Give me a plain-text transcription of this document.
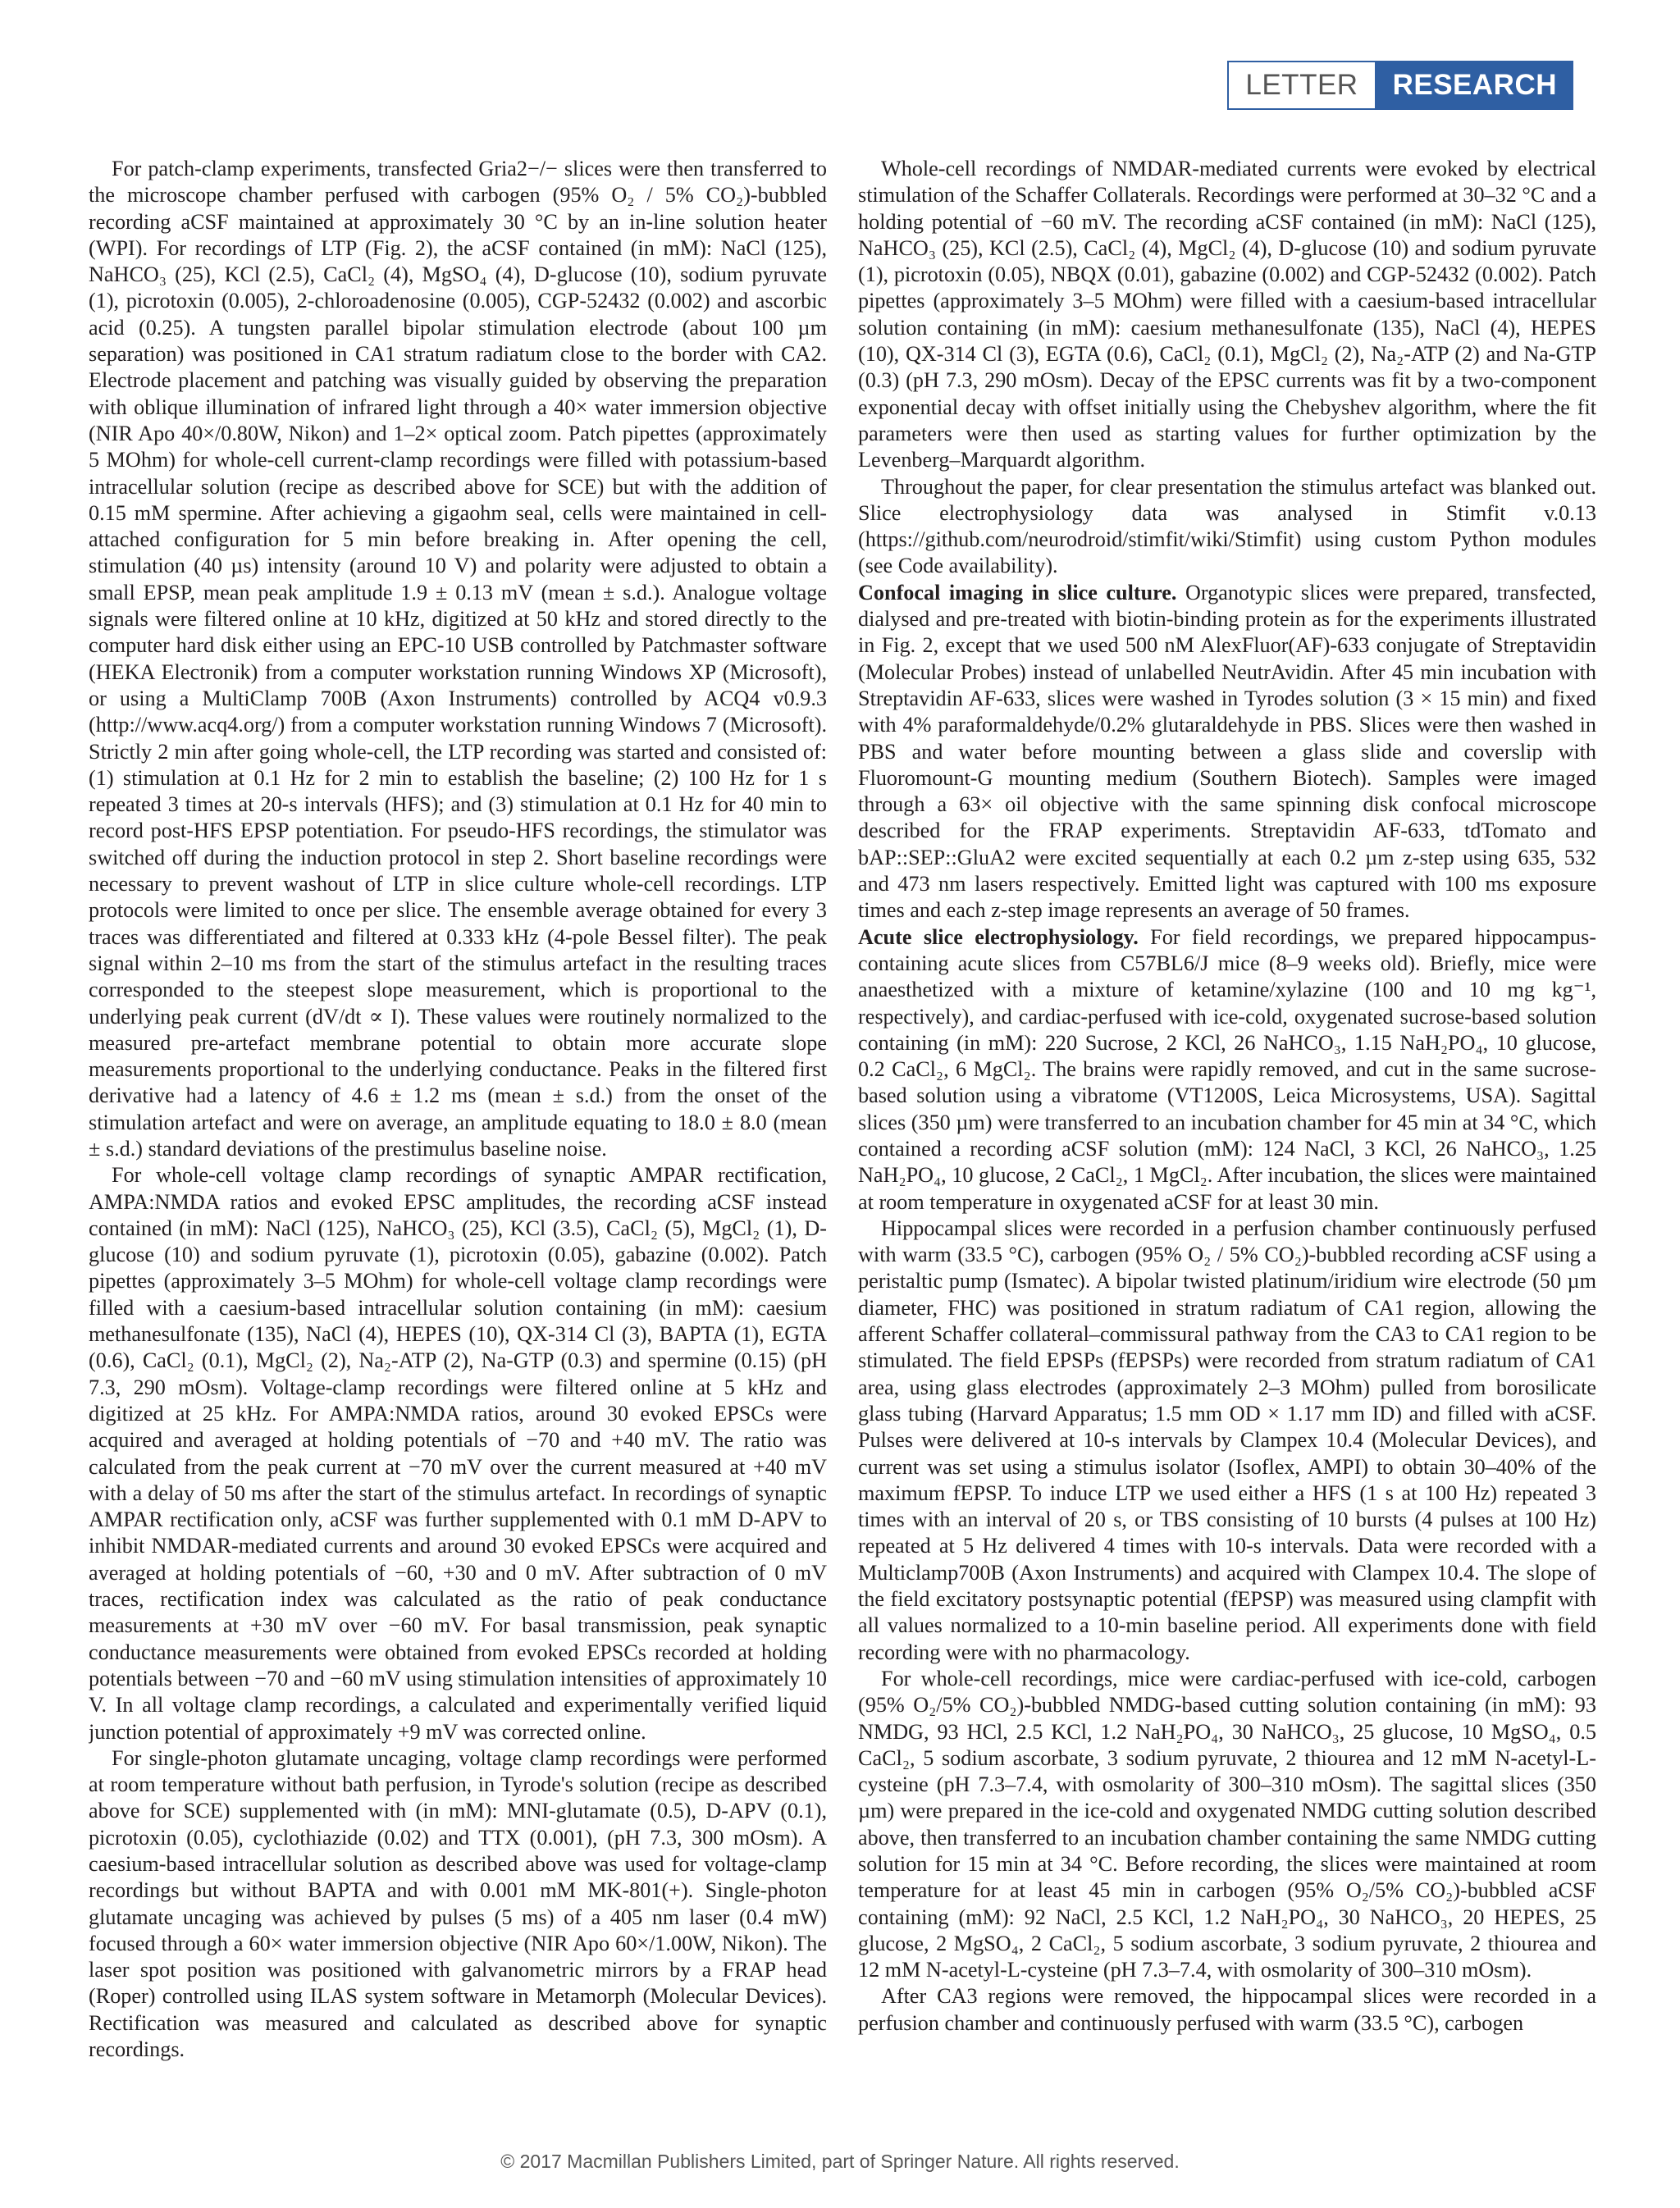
LETTER	RESEARCH

For patch-clamp experiments, transfected Gria2−/− slices were then transferred to the microscope chamber perfused with carbogen (95% O₂ / 5% CO₂)-bubbled recording aCSF maintained at approximately 30 °C by an in-line solution heater (WPI). For recordings of LTP (Fig. 2), the aCSF contained (in mM): NaCl (125), NaHCO₃ (25), KCl (2.5), CaCl₂ (4), MgSO₄ (4), D-glucose (10), sodium pyruvate (1), picrotoxin (0.005), 2-chloroadenosine (0.005), CGP-52432 (0.002) and ascorbic acid (0.25). A tungsten parallel bipolar stimulation electrode (about 100 µm separation) was positioned in CA1 stratum radiatum close to the border with CA2. Electrode placement and patching was visually guided by observing the preparation with oblique illumination of infrared light through a 40× water immersion objective (NIR Apo 40×/0.80W, Nikon) and 1–2× optical zoom. Patch pipettes (approximately 5 MOhm) for whole-cell current-clamp recordings were filled with potassium-based intracellular solution (recipe as described above for SCE) but with the addition of 0.15 mM spermine. After achieving a gigaohm seal, cells were maintained in cell-attached configuration for 5 min before breaking in. After opening the cell, stimulation (40 µs) intensity (around 10 V) and polarity were adjusted to obtain a small EPSP, mean peak amplitude 1.9 ± 0.13 mV (mean ± s.d.). Analogue voltage signals were filtered online at 10 kHz, digitized at 50 kHz and stored directly to the computer hard disk either using an EPC-10 USB controlled by Patchmaster software (HEKA Electronik) from a computer workstation running Windows XP (Microsoft), or using a MultiClamp 700B (Axon Instruments) controlled by ACQ4 v0.9.3 (http://www.acq4.org/) from a computer workstation running Windows 7 (Microsoft). Strictly 2 min after going whole-cell, the LTP recording was started and consisted of: (1) stimulation at 0.1 Hz for 2 min to establish the baseline; (2) 100 Hz for 1 s repeated 3 times at 20-s intervals (HFS); and (3) stimulation at 0.1 Hz for 40 min to record post-HFS EPSP potentiation. For pseudo-HFS recordings, the stimulator was switched off during the induction protocol in step 2. Short baseline recordings were necessary to prevent washout of LTP in slice culture whole-cell recordings. LTP protocols were limited to once per slice. The ensemble average obtained for every 3 traces was differentiated and filtered at 0.333 kHz (4-pole Bessel filter). The peak signal within 2–10 ms from the start of the stimulus artefact in the resulting traces corresponded to the steepest slope measurement, which is proportional to the underlying peak current (dV/dt ∝ I). These values were routinely normalized to the measured pre-artefact membrane potential to obtain more accurate slope measurements proportional to the underlying conductance. Peaks in the filtered first derivative had a latency of 4.6 ± 1.2 ms (mean ± s.d.) from the onset of the stimulation artefact and were on average, an amplitude equating to 18.0 ± 8.0 (mean ± s.d.) standard deviations of the prestimulus baseline noise.

For whole-cell voltage clamp recordings of synaptic AMPAR rectification, AMPA:NMDA ratios and evoked EPSC amplitudes, the recording aCSF instead contained (in mM): NaCl (125), NaHCO₃ (25), KCl (3.5), CaCl₂ (5), MgCl₂ (1), D-glucose (10) and sodium pyruvate (1), picrotoxin (0.05), gabazine (0.002). Patch pipettes (approximately 3–5 MOhm) for whole-cell voltage clamp recordings were filled with a caesium-based intracellular solution containing (in mM): caesium methanesulfonate (135), NaCl (4), HEPES (10), QX-314 Cl (3), BAPTA (1), EGTA (0.6), CaCl₂ (0.1), MgCl₂ (2), Na₂-ATP (2), Na-GTP (0.3) and spermine (0.15) (pH 7.3, 290 mOsm). Voltage-clamp recordings were filtered online at 5 kHz and digitized at 25 kHz. For AMPA:NMDA ratios, around 30 evoked EPSCs were acquired and averaged at holding potentials of −70 and +40 mV. The ratio was calculated from the peak current at −70 mV over the current measured at +40 mV with a delay of 50 ms after the start of the stimulus artefact. In recordings of synaptic AMPAR rectification only, aCSF was further supplemented with 0.1 mM D-APV to inhibit NMDAR-mediated currents and around 30 evoked EPSCs were acquired and averaged at holding potentials of −60, +30 and 0 mV. After subtraction of 0 mV traces, rectification index was calculated as the ratio of peak conductance measurements at +30 mV over −60 mV. For basal transmission, peak synaptic conductance measurements were obtained from evoked EPSCs recorded at holding potentials between −70 and −60 mV using stimulation intensities of approximately 10 V. In all voltage clamp recordings, a calculated and experimentally verified liquid junction potential of approximately +9 mV was corrected online.

For single-photon glutamate uncaging, voltage clamp recordings were performed at room temperature without bath perfusion, in Tyrode's solution (recipe as described above for SCE) supplemented with (in mM): MNI-glutamate (0.5), D-APV (0.1), picrotoxin (0.05), cyclothiazide (0.02) and TTX (0.001), (pH 7.3, 300 mOsm). A caesium-based intracellular solution as described above was used for voltage-clamp recordings but without BAPTA and with 0.001 mM MK-801(+). Single-photon glutamate uncaging was achieved by pulses (5 ms) of a 405 nm laser (0.4 mW) focused through a 60× water immersion objective (NIR Apo 60×/1.00W, Nikon). The laser spot position was positioned with galvanometric mirrors by a FRAP head (Roper) controlled using ILAS system software in Metamorph (Molecular Devices). Rectification was measured and calculated as described above for synaptic recordings.

Whole-cell recordings of NMDAR-mediated currents were evoked by electrical stimulation of the Schaffer Collaterals. Recordings were performed at 30–32 °C and a holding potential of −60 mV. The recording aCSF contained (in mM): NaCl (125), NaHCO₃ (25), KCl (2.5), CaCl₂ (4), MgCl₂ (4), D-glucose (10) and sodium pyruvate (1), picrotoxin (0.05), NBQX (0.01), gabazine (0.002) and CGP-52432 (0.002). Patch pipettes (approximately 3–5 MOhm) were filled with a caesium-based intracellular solution containing (in mM): caesium methanesulfonate (135), NaCl (4), HEPES (10), QX-314 Cl (3), EGTA (0.6), CaCl₂ (0.1), MgCl₂ (2), Na₂-ATP (2) and Na-GTP (0.3) (pH 7.3, 290 mOsm). Decay of the EPSC currents was fit by a two-component exponential decay with offset initially using the Chebyshev algorithm, where the fit parameters were then used as starting values for further optimization by the Levenberg–Marquardt algorithm.

Throughout the paper, for clear presentation the stimulus artefact was blanked out. Slice electrophysiology data was analysed in Stimfit v.0.13 (https://github.com/neurodroid/stimfit/wiki/Stimfit) using custom Python modules (see Code availability).

Confocal imaging in slice culture. Organotypic slices were prepared, transfected, dialysed and pre-treated with biotin-binding protein as for the experiments illustrated in Fig. 2, except that we used 500 nM AlexFluor(AF)-633 conjugate of Streptavidin (Molecular Probes) instead of unlabelled NeutrAvidin. After 45 min incubation with Streptavidin AF-633, slices were washed in Tyrodes solution (3 × 15 min) and fixed with 4% paraformaldehyde/0.2% glutaraldehyde in PBS. Slices were then washed in PBS and water before mounting between a glass slide and coverslip with Fluoromount-G mounting medium (Southern Biotech). Samples were imaged through a 63× oil objective with the same spinning disk confocal microscope described for the FRAP experiments. Streptavidin AF-633, tdTomato and bAP::SEP::GluA2 were excited sequentially at each 0.2 µm z-step using 635, 532 and 473 nm lasers respectively. Emitted light was captured with 100 ms exposure times and each z-step image represents an average of 50 frames.

Acute slice electrophysiology. For field recordings, we prepared hippocampus-containing acute slices from C57BL6/J mice (8–9 weeks old). Briefly, mice were anaesthetized with a mixture of ketamine/xylazine (100 and 10 mg kg⁻¹, respectively), and cardiac-perfused with ice-cold, oxygenated sucrose-based solution containing (in mM): 220 Sucrose, 2 KCl, 26 NaHCO₃, 1.15 NaH₂PO₄, 10 glucose, 0.2 CaCl₂, 6 MgCl₂. The brains were rapidly removed, and cut in the same sucrose-based solution using a vibratome (VT1200S, Leica Microsystems, USA). Sagittal slices (350 µm) were transferred to an incubation chamber for 45 min at 34 °C, which contained a recording aCSF solution (mM): 124 NaCl, 3 KCl, 26 NaHCO₃, 1.25 NaH₂PO₄, 10 glucose, 2 CaCl₂, 1 MgCl₂. After incubation, the slices were maintained at room temperature in oxygenated aCSF for at least 30 min.

Hippocampal slices were recorded in a perfusion chamber continuously perfused with warm (33.5 °C), carbogen (95% O₂ / 5% CO₂)-bubbled recording aCSF using a peristaltic pump (Ismatec). A bipolar twisted platinum/iridium wire electrode (50 µm diameter, FHC) was positioned in stratum radiatum of CA1 region, allowing the afferent Schaffer collateral–commissural pathway from the CA3 to CA1 region to be stimulated. The field EPSPs (fEPSPs) were recorded from stratum radiatum of CA1 area, using glass electrodes (approximately 2–3 MOhm) pulled from borosilicate glass tubing (Harvard Apparatus; 1.5 mm OD × 1.17 mm ID) and filled with aCSF. Pulses were delivered at 10-s intervals by Clampex 10.4 (Molecular Devices), and current was set using a stimulus isolator (Isoflex, AMPI) to obtain 30–40% of the maximum fEPSP. To induce LTP we used either a HFS (1 s at 100 Hz) repeated 3 times with an interval of 20 s, or TBS consisting of 10 bursts (4 pulses at 100 Hz) repeated at 5 Hz delivered 4 times with 10-s intervals. Data were recorded with a Multiclamp700B (Axon Instruments) and acquired with Clampex 10.4. The slope of the field excitatory postsynaptic potential (fEPSP) was measured using clampfit with all values normalized to a 10-min baseline period. All experiments done with field recording were with no pharmacology.

For whole-cell recordings, mice were cardiac-perfused with ice-cold, carbogen (95% O₂/5% CO₂)-bubbled NMDG-based cutting solution containing (in mM): 93 NMDG, 93 HCl, 2.5 KCl, 1.2 NaH₂PO₄, 30 NaHCO₃, 25 glucose, 10 MgSO₄, 0.5 CaCl₂, 5 sodium ascorbate, 3 sodium pyruvate, 2 thiourea and 12 mM N-acetyl-L-cysteine (pH 7.3–7.4, with osmolarity of 300–310 mOsm). The sagittal slices (350 µm) were prepared in the ice-cold and oxygenated NMDG cutting solution described above, then transferred to an incubation chamber containing the same NMDG cutting solution for 15 min at 34 °C. Before recording, the slices were maintained at room temperature for at least 45 min in carbogen (95% O₂/5% CO₂)-bubbled aCSF containing (mM): 92 NaCl, 2.5 KCl, 1.2 NaH₂PO₄, 30 NaHCO₃, 20 HEPES, 25 glucose, 2 MgSO₄, 2 CaCl₂, 5 sodium ascorbate, 3 sodium pyruvate, 2 thiourea and 12 mM N-acetyl-L-cysteine (pH 7.3–7.4, with osmolarity of 300–310 mOsm).

After CA3 regions were removed, the hippocampal slices were recorded in a perfusion chamber and continuously perfused with warm (33.5 °C), carbogen

© 2017 Macmillan Publishers Limited, part of Springer Nature. All rights reserved.
